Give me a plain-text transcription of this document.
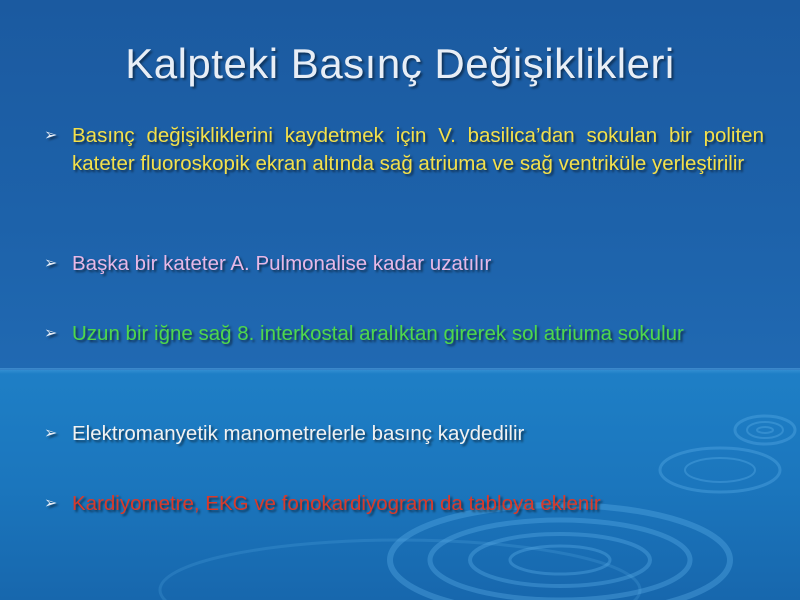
Kalpteki Basınç Değişiklikleri
➢ Basınç değişikliklerini kaydetmek için V. basilica’dan sokulan bir politen kateter fluoroskopik ekran altında sağ atriuma ve sağ ventriküle yerleştirilir
➢ Başka bir kateter A. Pulmonalise kadar uzatılır
➢ Uzun bir iğne sağ 8. interkostal aralıktan girerek sol atriuma sokulur
➢ Elektromanyetik manometrelerle basınç kaydedilir
➢ Kardiyometre, EKG ve fonokardiyogram da tabloya eklenir
